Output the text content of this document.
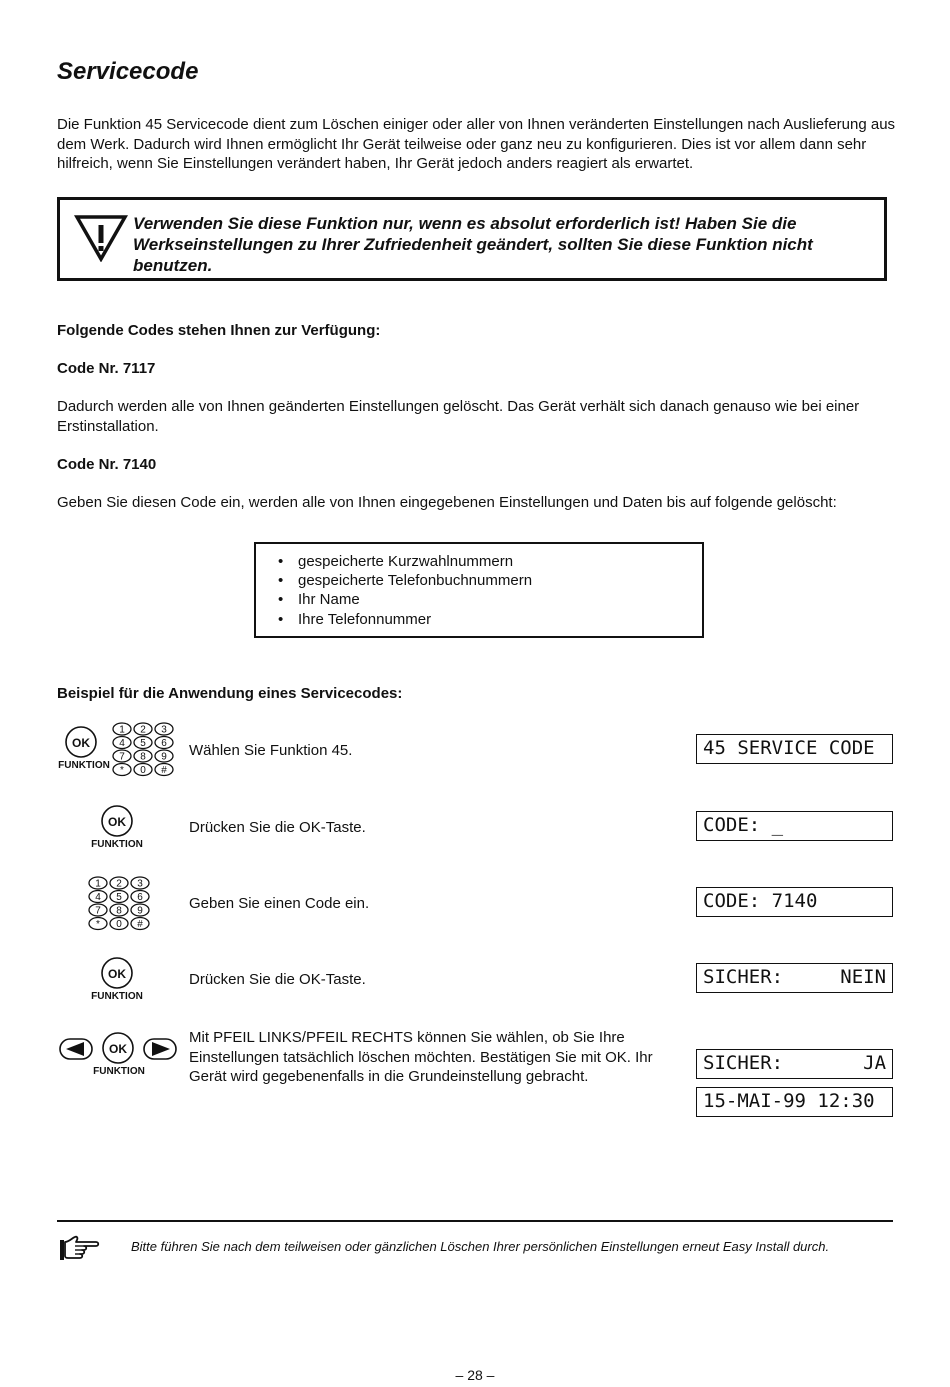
Servicecode

Die Funktion 45 Servicecode dient zum Löschen einiger oder aller von Ihnen veränderten Einstellungen nach Auslieferung aus dem Werk. Dadurch wird Ihnen ermöglicht Ihr Gerät teilweise oder ganz neu zu konfigurieren. Dies ist vor allem dann sehr hilfreich, wenn Sie Einstellungen verändert haben, Ihr Gerät jedoch anders reagiert als erwartet.

Verwenden Sie diese Funktion nur, wenn es absolut erforderlich ist! Haben Sie die Werkseinstellungen zu Ihrer Zufriedenheit geändert, sollten Sie diese Funktion nicht benutzen.

Folgende Codes stehen Ihnen zur Verfügung:

Code Nr. 7117

Dadurch werden alle von Ihnen geänderten Einstellungen gelöscht. Das Gerät verhält sich danach genauso wie bei einer Erstinstallation.

Code Nr. 7140

Geben Sie diesen Code ein, werden alle von Ihnen eingegebenen Einstellungen und Daten bis auf folgende gelöscht:

• gespeicherte Kurzwahlnummern
• gespeicherte Telefonbuchnummern
• Ihr Name
• Ihre Telefonnummer

Beispiel für die Anwendung eines Servicecodes:

OK
FUNKTION
1 2 3
4 5 6
7 8 9
* 0 #
Wählen Sie Funktion 45.	45 SERVICE CODE
OK
FUNKTION
Drücken Sie die OK-Taste.	CODE: _
1 2 3
4 5 6
7 8 9
* 0 #
Geben Sie einen Code ein.	CODE: 7140
OK
FUNKTION
Drücken Sie die OK-Taste.	SICHER:     NEIN
OK
FUNKTION
Mit PFEIL LINKS/PFEIL RECHTS können Sie wählen, ob Sie Ihre Einstellungen tatsächlich löschen möchten. Bestätigen Sie mit OK. Ihr Gerät wird gegebenenfalls in die Grundeinstellung gebracht.
SICHER:       JA
15-MAI-99 12:30
Bitte führen Sie nach dem teilweisen oder gänzlichen Löschen Ihrer persönlichen Einstellungen erneut Easy Install durch.
– 28 –
